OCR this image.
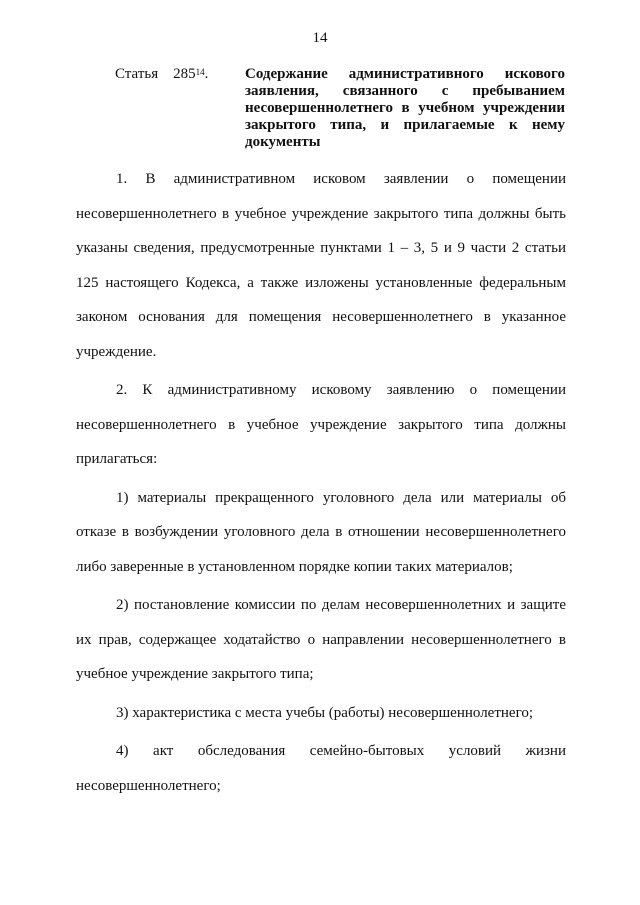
14
Статья $285^{14}$.	Содержание административного искового заявления, связанного с пребыванием несовершеннолетнего в учебном учреждении закрытого типа, и прилагаемые к нему документы

1. В административном исковом заявлении о помещении несовершеннолетнего в учебное учреждение закрытого типа должны быть указаны сведения, предусмотренные пунктами 1 – 3, 5 и 9 части 2 статьи 125 настоящего Кодекса, а также изложены установленные федеральным законом основания для помещения несовершеннолетнего в указанное учреждение.

2. К административному исковому заявлению о помещении несовершеннолетнего в учебное учреждение закрытого типа должны прилагаться:

1) материалы прекращенного уголовного дела или материалы об отказе в возбуждении уголовного дела в отношении несовершеннолетнего либо заверенные в установленном порядке копии таких материалов;

2) постановление комиссии по делам несовершеннолетних и защите их прав, содержащее ходатайство о направлении несовершеннолетнего в учебное учреждение закрытого типа;

3) характеристика с места учебы (работы) несовершеннолетнего;

4) акт обследования семейно-бытовых условий жизни несовершеннолетнего;
